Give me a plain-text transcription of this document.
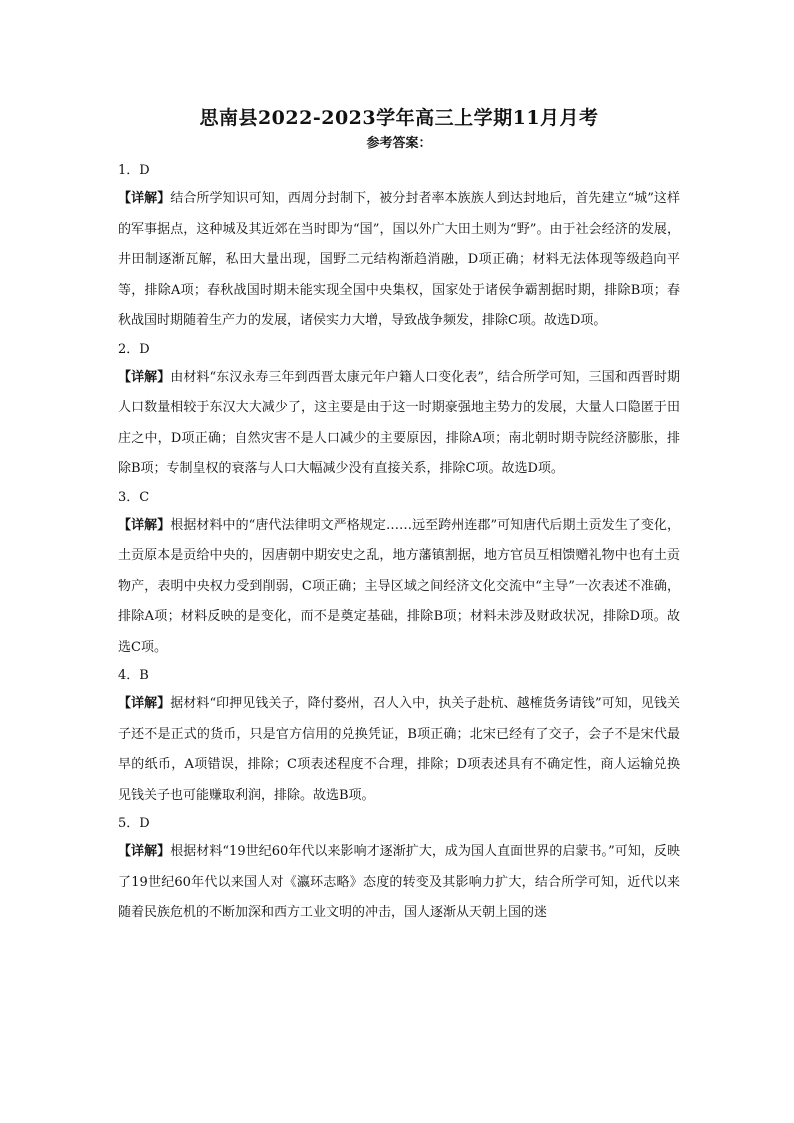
思南县2022-2023学年高三上学期11月月考
参考答案：

1．D

【详解】结合所学知识可知，西周分封制下，被分封者率本族族人到达封地后，首先建立“城”这样的军事据点，这种城及其近郊在当时即为“国”，国以外广大田土则为“野”。由于社会经济的发展，井田制逐渐瓦解，私田大量出现，国野二元结构渐趋消融，D项正确；材料无法体现等级趋向平等，排除A项；春秋战国时期未能实现全国中央集权，国家处于诸侯争霸割据时期，排除B项；春秋战国时期随着生产力的发展，诸侯实力大增，导致战争频发，排除C项。故选D项。

2．D

【详解】由材料“东汉永寿三年到西晋太康元年户籍人口变化表”，结合所学可知，三国和西晋时期人口数量相较于东汉大大减少了，这主要是由于这一时期豪强地主势力的发展，大量人口隐匿于田庄之中，D项正确；自然灾害不是人口减少的主要原因，排除A项；南北朝时期寺院经济膨胀，排除B项；专制皇权的衰落与人口大幅减少没有直接关系，排除C项。故选D项。

3．C

【详解】根据材料中的“唐代法律明文严格规定……远至跨州连郡”可知唐代后期土贡发生了变化，土贡原本是贡给中央的，因唐朝中期安史之乱，地方藩镇割据，地方官员互相馈赠礼物中也有土贡物产，表明中央权力受到削弱，C项正确；主导区域之间经济文化交流中“主导”一次表述不准确，排除A项；材料反映的是变化，而不是奠定基础，排除B项；材料未涉及财政状况，排除D项。故选C项。

4．B

【详解】据材料“印押见钱关子，降付婺州，召人入中，执关子赴杭、越榷货务请钱”可知，见钱关子还不是正式的货币，只是官方信用的兑换凭证，B项正确；北宋已经有了交子，会子不是宋代最早的纸币，A项错误，排除；C项表述程度不合理，排除；D项表述具有不确定性，商人运输兑换见钱关子也可能赚取利润，排除。故选B项。

5．D

【详解】根据材料“19世纪60年代以来影响才逐渐扩大，成为国人直面世界的启蒙书。”可知，反映了19世纪60年代以来国人对《瀛环志略》态度的转变及其影响力扩大，结合所学可知，近代以来随着民族危机的不断加深和西方工业文明的冲击，国人逐渐从天朝上国的迷
